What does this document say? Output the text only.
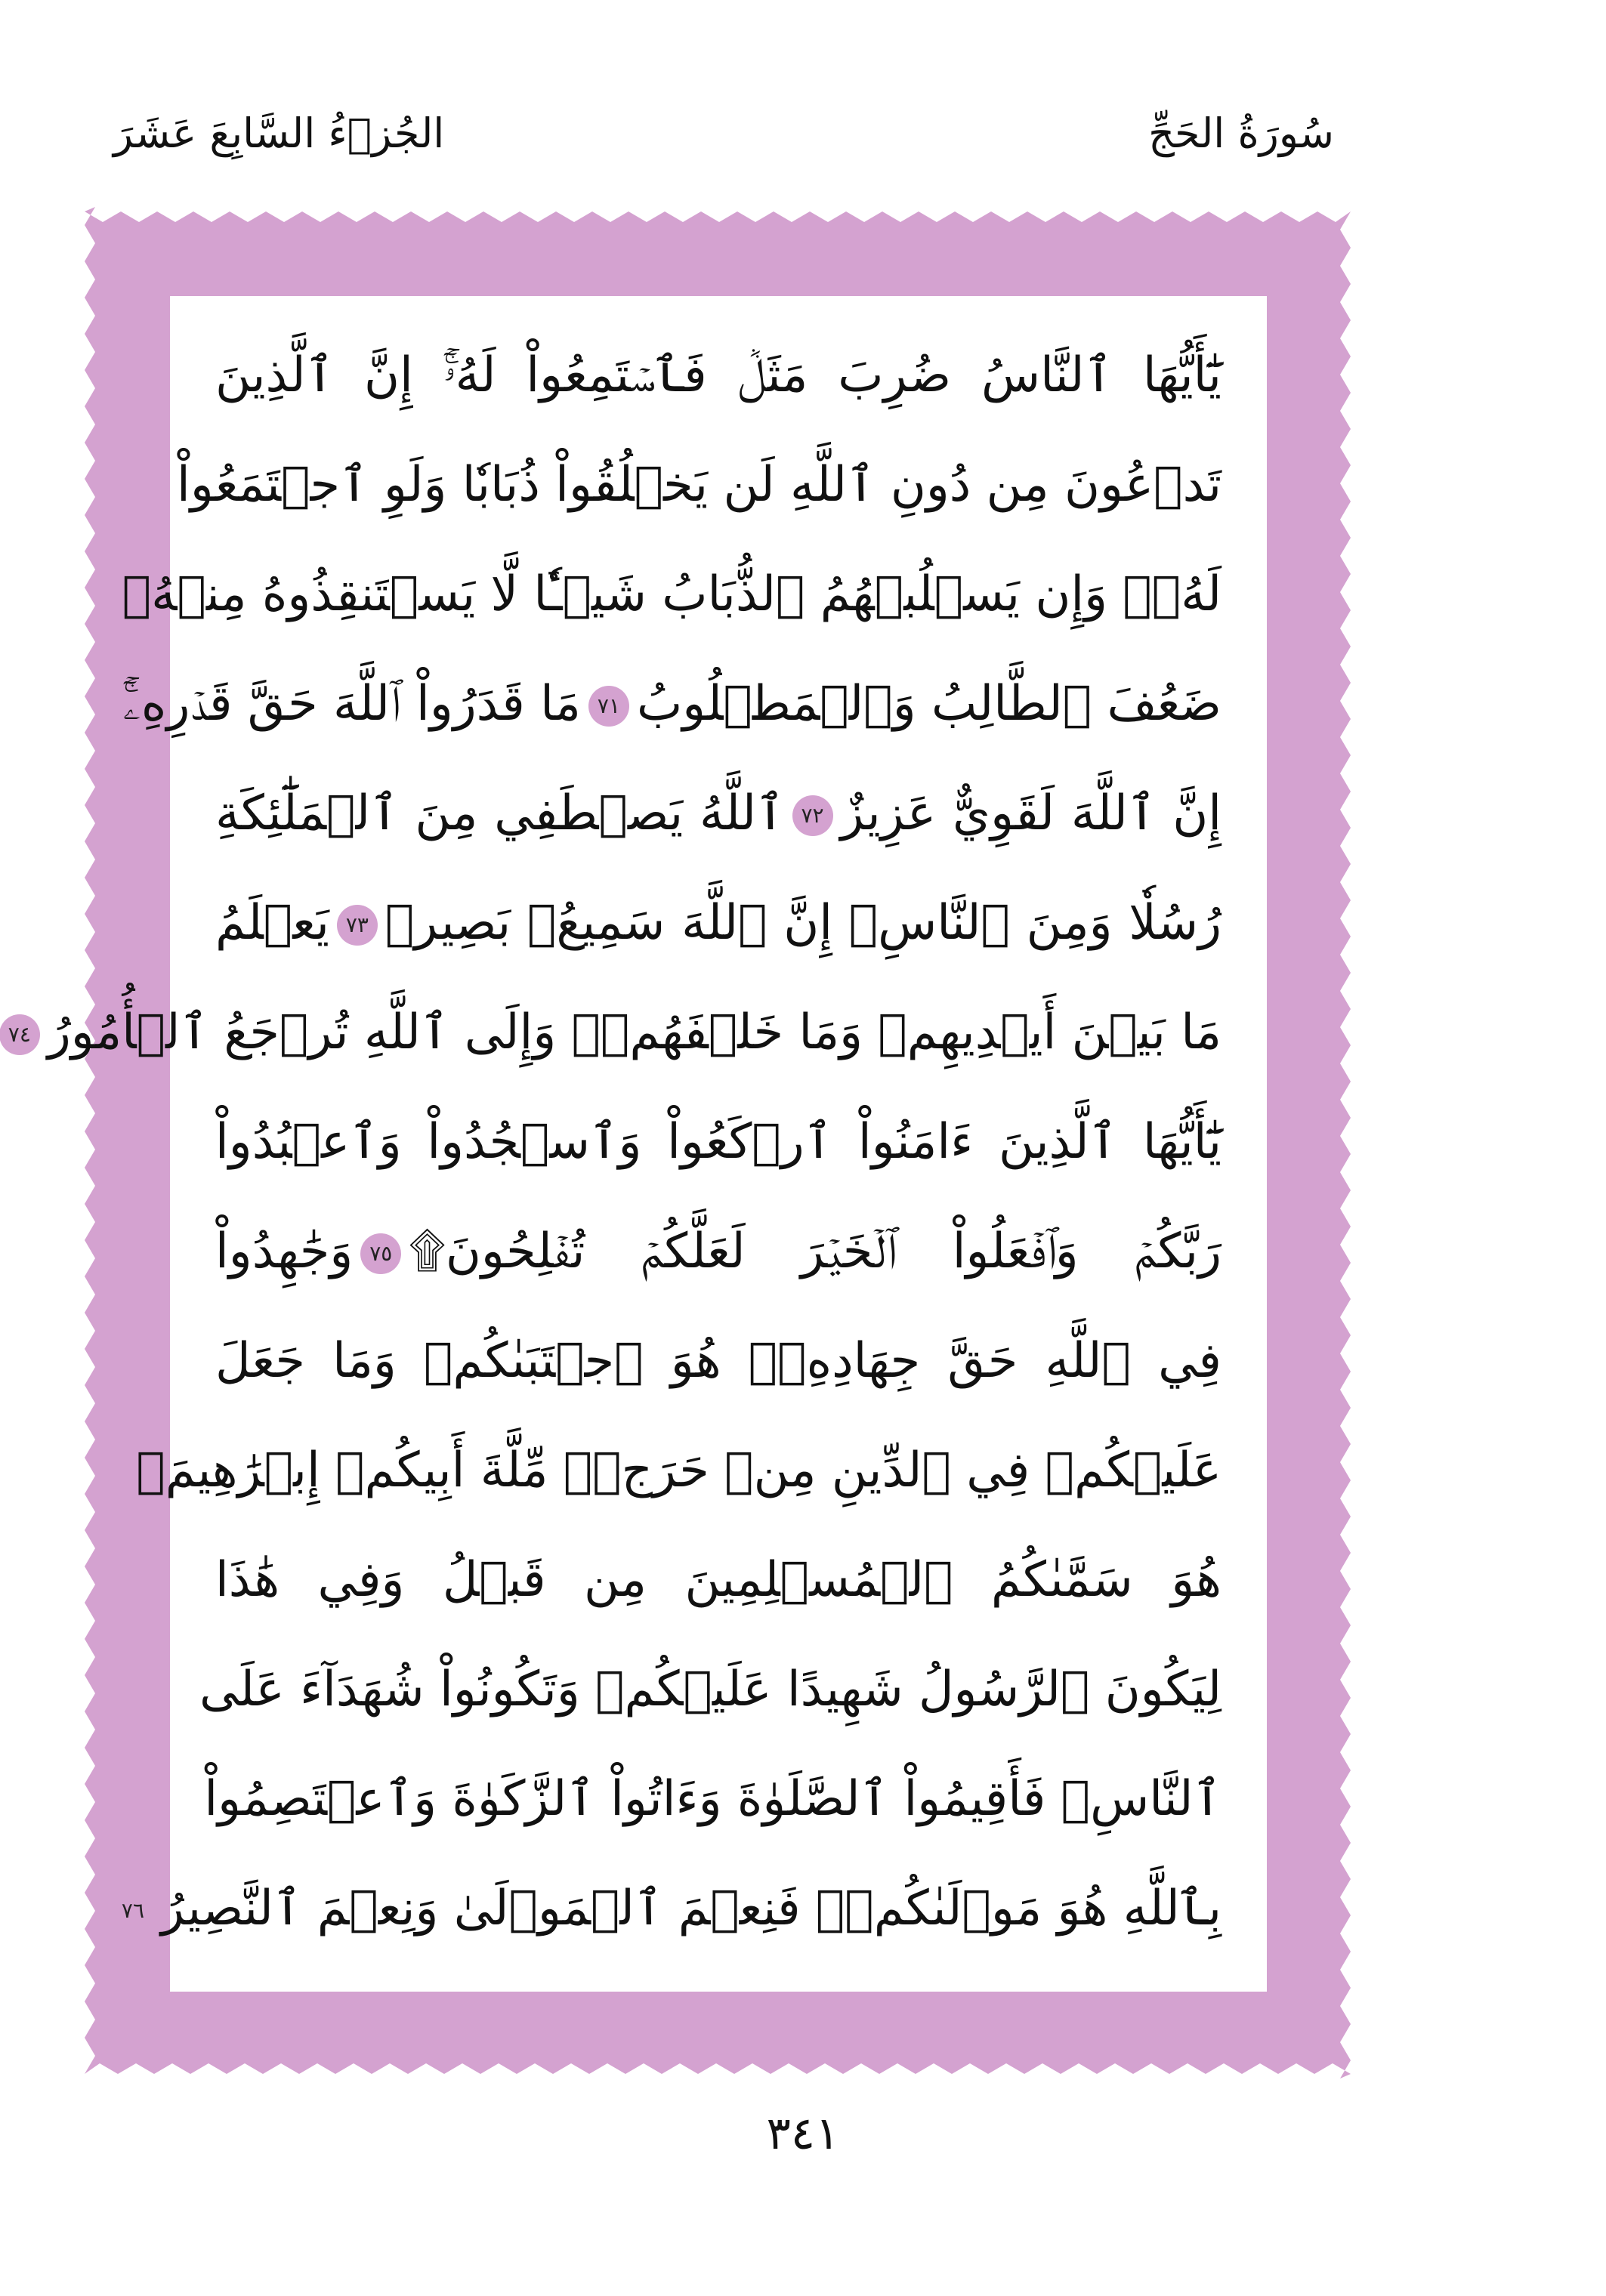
سُورَةُ الحَجِّ
الجُزۡءُ السَّابِعَ عَشَرَ
يَٰٓأَيُّهَا ٱلنَّاسُ ضُرِبَ مَثَلٞ فَٱسۡتَمِعُواْ لَهُۥٓۚ إِنَّ ٱلَّذِينَ
تَدۡعُونَ مِن دُونِ ٱللَّهِ لَن يَخۡلُقُواْ ذُبَابٗا وَلَوِ ٱجۡتَمَعُواْ
لَهُۥۖ وَإِن يَسۡلُبۡهُمُ ٱلذُّبَابُ شَيۡـٔٗا لَّا يَسۡتَنقِذُوهُ مِنۡهُۚ
ضَعُفَ ٱلطَّالِبُ وَٱلۡمَطۡلُوبُ٧١مَا قَدَرُواْ ٱللَّهَ حَقَّ قَدۡرِهِۦٓۚ
إِنَّ ٱللَّهَ لَقَوِيٌّ عَزِيزٌ٧٢ٱللَّهُ يَصۡطَفِي مِنَ ٱلۡمَلَٰٓئِكَةِ
رُسُلٗا وَمِنَ ٱلنَّاسِۚ إِنَّ ٱللَّهَ سَمِيعُۢ بَصِيرٞ٧٣يَعۡلَمُ
مَا بَيۡنَ أَيۡدِيهِمۡ وَمَا خَلۡفَهُمۡۚ وَإِلَى ٱللَّهِ تُرۡجَعُ ٱلۡأُمُورُ٧٤
يَٰٓأَيُّهَا ٱلَّذِينَ ءَامَنُواْ ٱرۡكَعُواْ وَٱسۡجُدُواْ وَٱعۡبُدُواْ
رَبَّكُمۡ وَٱفۡعَلُواْ ٱلۡخَيۡرَ لَعَلَّكُمۡ تُفۡلِحُونَ۩٧٥وَجَٰهِدُواْ
فِي ٱللَّهِ حَقَّ جِهَادِهِۦۚ هُوَ ٱجۡتَبَىٰكُمۡ وَمَا جَعَلَ
عَلَيۡكُمۡ فِي ٱلدِّينِ مِنۡ حَرَجٖۚ مِّلَّةَ أَبِيكُمۡ إِبۡرَٰهِيمَۚ
هُوَ سَمَّىٰكُمُ ٱلۡمُسۡلِمِينَ مِن قَبۡلُ وَفِي هَٰذَا
لِيَكُونَ ٱلرَّسُولُ شَهِيدًا عَلَيۡكُمۡ وَتَكُونُواْ شُهَدَآءَ عَلَى
ٱلنَّاسِۚ فَأَقِيمُواْ ٱلصَّلَوٰةَ وَءَاتُواْ ٱلزَّكَوٰةَ وَٱعۡتَصِمُواْ
بِٱللَّهِ هُوَ مَوۡلَىٰكُمۡۖ فَنِعۡمَ ٱلۡمَوۡلَىٰ وَنِعۡمَ ٱلنَّصِيرُ٧٦
٣٤١
